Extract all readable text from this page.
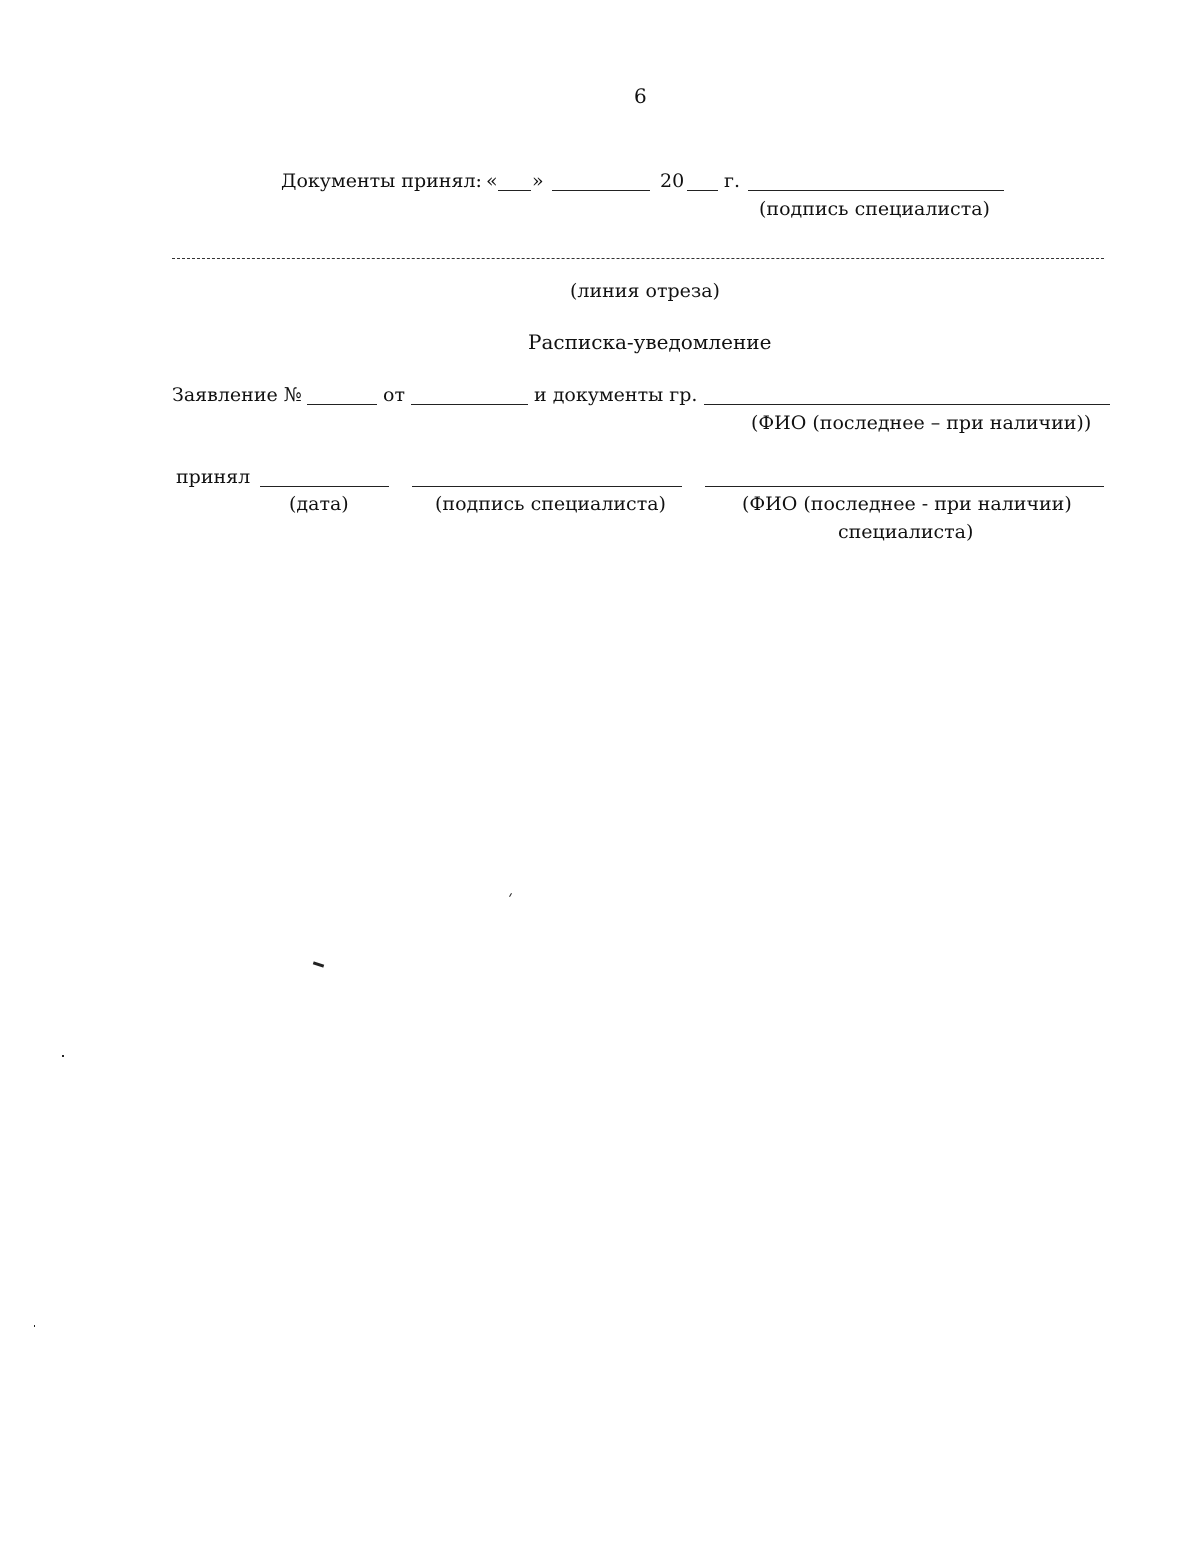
6
Документы принял: « »	20 г.
(подпись специалиста)
(линия отреза)
Расписка-уведомление
Заявление №	от	и документы гр.
(ФИО (последнее – при наличии))
принял
(дата)	(подпись специалиста)	(ФИО (последнее - при наличии)
специалиста)
